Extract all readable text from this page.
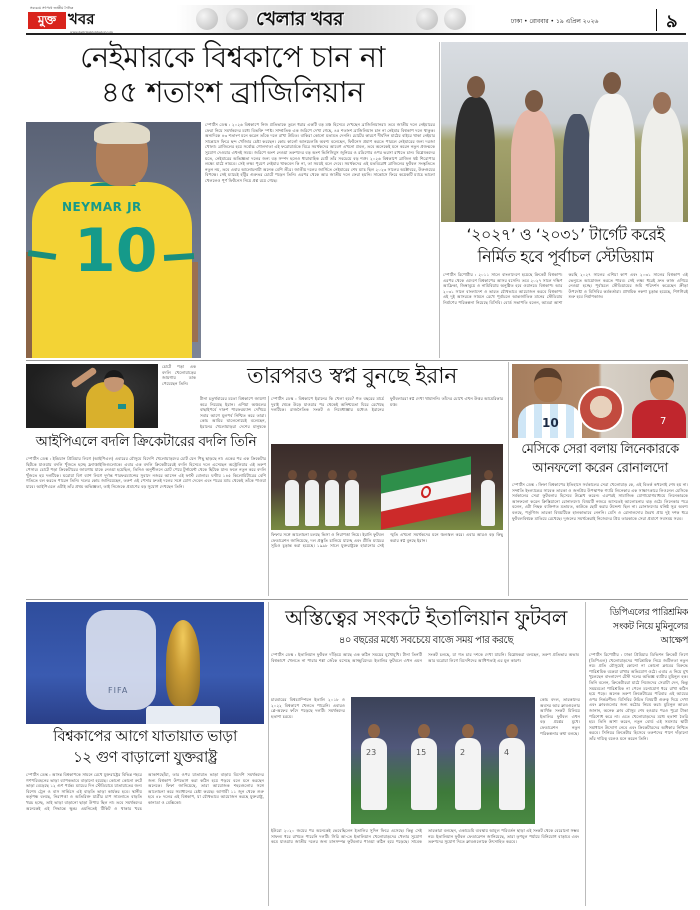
সবচেয়ে সৎপথে জাতীয় দৈনিক
মুক্ত খবর
www.dailymuktokhabor.com
খেলার খবর	ঢাকা • রোববার • ১৯ এপ্রিল ২০২৬	৯
নেইমারকে বিশ্বকাপে চান না
৪৫ শতাংশ ব্রাজিলিয়ান
NEYMAR JR
10

স্পোর্টস ডেস্ক : ২০২৬ বিশ্বকাপে নিজ প্রতিভাকে তুলে ধরার একটি বড় মঞ্চ হিসেবে দেখছেন ব্রাজিলিয়ানরা। তবে জাতীয় দলে নেইমারের ফেরা নিয়ে সমর্থকদের মধ্যে বিভক্তি স্পষ্ট। সাম্প্রতিক এক জরিপে দেখা গেছে, ৪৫ শতাংশ ব্রাজিলিয়ান চান না নেইমার বিশ্বকাপ দলে থাকুক। অন্যদিকে ৪৩ শতাংশ মনে করেন তাঁকে দলে রাখা উচিত। বাকিরা কোনো মতামত দেননি। চোটের কারণে দীর্ঘদিন মাঠের বাইরে থাকা নেইমার সান্তোসে ফিরে ছন্দ খোঁজার চেষ্টা করছেন। কোচ কার্লো আনচেলত্তি অবশ্য বলেছেন, ফিটনেস প্রমাণ করতে পারলে নেইমারের জন্য দরজা খোলা। ব্রাজিলের হয়ে সর্বোচ্চ গোলদাতা এই ফরোয়ার্ডকে ঘিরে সমর্থকদের আবেগ এখনো প্রবল, তবে অনেকেই মনে করেন নতুন প্রজন্মকে সুযোগ দেওয়ার এখনই সময়। জরিপে অংশ নেওয়া তরুণদের বড় অংশ ভিনিসিয়ুস জুনিয়র ও রদ্রিগোর ওপর ভরসা রাখতে চান। বিশ্লেষকদের মতে, নেইমারের অভিজ্ঞতা দলের জন্য বড় সম্পদ হলেও ধারাবাহিক চোট তাঁর সবচেয়ে বড় শত্রু। ২০২৬ বিশ্বকাপে ব্রাজিল ষষ্ঠ শিরোপার লক্ষ্যে মাঠে নামবে। সেই লক্ষ্য পূরণে নেইমার থাকবেন কি না, তা সময়ই বলে দেবে। সমর্থকদের এই মতবিরোধ ব্রাজিলের ফুটবল সংস্কৃতিতে নতুন নয়, তবে এবার আলোচনাটা অনেক বেশি তীব্র। জাতীয় দলের জার্সিতে নেইমারের শেষ ম্যাচ ছিল ২০২৩ সালের অক্টোবরে, উরুগুয়ের বিপক্ষে। সেই ম্যাচেই হাঁটুর গুরুতর চোটে পড়েন তিনি। এরপর থেকে আর জাতীয় দলে ফেরা হয়নি। সান্তোসে ফিরে কয়েকটি ম্যাচে ভালো খেললেও পূর্ণ ফিটনেস নিয়ে প্রশ্ন রয়ে গেছে।

‘২০২৭’ ও ‘২০৩১’ টার্গেট করেই
নির্মিত হবে পূর্বাচল স্টেডিয়াম

স্পোর্টস রিপোর্টার : ২০১১ সালে বাংলাদেশে হয়েছে ক্রিকেট বিশ্বকাপ। এরপর থেকে এদেশে বিশ্বকাপের আসর বসেনি। তবে ২০২৭ সালে দক্ষিণ আফ্রিকা, জিম্বাবুয়ে ও নামিবিয়ায় অনুষ্ঠিত হবে ওয়ানডে বিশ্বকাপ। আর ২০৩১ সালে বাংলাদেশ ও ভারত যৌথভাবে আয়োজন করবে বিশ্বকাপ। এই দুই আসরকে সামনে রেখে পূর্বাচলে আন্তর্জাতিক মানের স্টেডিয়াম নির্মাণের পরিকল্পনা নিয়েছে বিসিবি। বোর্ড সভাপতি বলেন, আমরা আশা করছি ২০২৭ সালের এশিয়া কাপ এবং ২০৩১ সালের বিশ্বকাপ এই ভেন্যুতে আয়োজন করতে পারব। সেই লক্ষ্য ধরেই দ্রুত কাজ এগিয়ে নেওয়া হচ্ছে। পূর্বাচলে স্টেডিয়ামের জমি পরিদর্শন করেছেন ক্রীড়া উপদেষ্টা ও বিসিবির কর্মকর্তারা। প্রাথমিক নকশা চূড়ান্ত হয়েছে, শিগগিরই শুরু হবে নির্মাণকাজ।

চোটে পড়া এক বদলি খেলোয়াড়ের জায়গায় ডাক পেয়েছেন তিনি।

আইপিএলে বদলি ক্রিকেটারের বদলি তিনি

স্পোর্টস ডেস্ক : ইন্ডিয়ান প্রিমিয়ার লিগে (আইপিএল) এবারের মৌসুমে বিদেশি খেলোয়াড়দের চোট যেন পিছু ছাড়ছে না। একের পর এক ক্রিকেটার ছিটকে যাওয়ায় বদলি খুঁজতে হচ্ছে ফ্র্যাঞ্চাইজিগুলোকে। এবার এক বদলি ক্রিকেটারেরই বদলি হিসেবে দলে এসেছেন অস্ট্রেলিয়ার এই তরুণ পেসার। চোটে পড়া ক্রিকেটারের জায়গায় যাকে নেওয়া হয়েছিল, তিনিও অনুশীলনে চোট পেয়ে টুর্নামেন্ট থেকে ছিটকে যান। ফলে নতুন করে বদলি খুঁজতে হয় দলটিকে। ঘরোয়া বিগ ব্যাশ লিগে দুর্দান্ত পারফরম্যান্সের সুবাদে নজরে আসেন এই ফাস্ট বোলার। ঘণ্টায় ১৪৫ কিলোমিটারের বেশি গতিতে বল করতে পারেন তিনি। দলের কোচ জানিয়েছেন, তরুণ এই পেসার দ্রুতই দলের সঙ্গে যোগ দেবেন এবং পরের ম্যাচ থেকেই তাঁকে পাওয়া যাবে। আইপিএলে এটাই তাঁর প্রথম অভিজ্ঞতা, তাই নিজেকে প্রমাণের বড় সুযোগ দেখছেন তিনি।

তারপরও স্বপ্ন বুনছে ইরান

টানা চতুর্থবারের মতো বিশ্বকাপে জায়গা করে নিয়েছে ইরান। এশিয়া অঞ্চলের বাছাইপর্বে দারুণ পারফরম্যান্স দেখিয়ে সবার আগে মূলপর্ব নিশ্চিত করে তারা। কোচ আমির ঘালেনোয়েই বলেছেন, ইরানের খেলোয়াড়রা দেশের মানুষকে

স্পোর্টস ডেস্ক : বিশ্বকাপে ইরানের কি খেলা হবে? গত বছরের মার্চে দুবাই থেকে উড়ে যাওয়ার পর থেকেই অনিশ্চয়তা ঘিরে রেখেছে দলটিকে। রাজনৈতিক সংকট ও নিষেধাজ্ঞার মধ্যেও ইরানের ফুটবলাররা স্বপ্ন দেখা থামাননি। তাঁদের চোখে এখন উত্তর আমেরিকার মঞ্চ।

ফিফার সঙ্গে আলোচনা চলছে ভিসা ও নিরাপত্তা নিয়ে। ইরানি ফুটবল ফেডারেশন জানিয়েছে, দল প্রস্তুতি চালিয়ে যাচ্ছে এবং প্রীতি ম্যাচের সূচিও চূড়ান্ত করা হয়েছে। ১৯৯৮ সালে যুক্তরাষ্ট্রকে হারানোর সেই স্মৃতি এখনো সমর্থকদের মনে জ্বলজ্বল করে। এবার আরও বড় কিছু করার স্বপ্ন বুনছে ইরান।

10	7
মেসিকে সেরা বলায় লিনেকারকে
আনফলো করেন রোনালদো

স্পোর্টস ডেস্ক : ফিফা বিশ্বকাপের ইতিহাসে সর্বকালের সেরা খেলোয়াড় কে, এই বিতর্ক কখনোই শেষ হয় না। সম্প্রতি ইংল্যান্ডের সাবেক তারকা ও জনপ্রিয় উপস্থাপক গ্যারি লিনেকার এক সাক্ষাৎকারে লিওনেল মেসিকে সর্বকালের সেরা ফুটবলার হিসেবে উল্লেখ করেন। এরপরই সামাজিক যোগাযোগমাধ্যমে লিনেকারকে আনফলো করেন ক্রিস্তিয়ানো রোনালদো। বিষয়টি নজরে আসতেই আলোচনার ঝড় ওঠে। লিনেকার পরে বলেন, এটা নিছক ব্যক্তিগত মতামত, কাউকে ছোট করার উদ্দেশ্য ছিল না। রোনালদোর ঘনিষ্ঠ সূত্র অবশ্য বলছে, পর্তুগিজ তারকা বিষয়টিকে হালকাভাবে নেননি। মেসি ও রোনালদোর দ্বৈরথ প্রায় দুই দশক ধরে ফুটবলবিশ্বকে মাতিয়ে রেখেছে। দুজনের সমর্থকেরাই নিজেদের প্রিয় তারকাকে সেরা প্রমাণে সবসময় সরব।

FIFA
বিশ্বকাপের আগে যাতায়াত ভাড়া
১২ গুণ বাড়ালো যুক্তরাষ্ট্র

স্পোর্টস ডেস্ক : আসন্ন বিশ্বকাপকে সামনে রেখে যুক্তরাষ্ট্রের বিভিন্ন শহরে গণপরিবহনের ভাড়া ব্যাপকভাবে বাড়ানো হয়েছে। কোনো কোনো রুটে ভাড়া বেড়েছে ১২ গুণ পর্যন্ত। ম্যাচের দিন স্টেডিয়ামে যাতায়াতের জন্য বিশেষ ট্রেন ও বাস সার্ভিসে এই বাড়তি ভাড়া কার্যকর হবে। স্থানীয় কর্তৃপক্ষ বলছে, নিরাপত্তা ও অতিরিক্ত যাত্রীর চাপ সামলাতে বাড়তি খরচ হচ্ছে, তাই ভাড়া বাড়ানো ছাড়া উপায় ছিল না। তবে সমর্থকদের অনেকেই এই সিদ্ধান্তে ক্ষুব্ধ। এমনিতেই টিকিট ও থাকার খরচ আকাশছোঁয়া, তার ওপর যাতায়াত ভাড়া বাড়ায় বিদেশি সমর্থকদের জন্য বিশ্বকাপ উপভোগ করা কঠিন হয়ে পড়বে বলে মনে করছেন অনেকে। ফিফা জানিয়েছে, তারা আয়োজক শহরগুলোর সঙ্গে আলোচনা করে সমাধানের চেষ্টা করছে। আগামী ১১ জুন থেকে শুরু হবে ৪৮ দলের এই বিশ্বকাপ, যা যৌথভাবে আয়োজন করছে যুক্তরাষ্ট্র, কানাডা ও মেক্সিকো।

অস্তিত্বের সংকটে ইতালিয়ান ফুটবল
৪০ বছরের মধ্যে সবচেয়ে বাজে সময় পার করছে

স্পোর্টস ডেস্ক : ইতালিয়ান ফুটবল দাঁড়িয়ে আছে এক কঠিন সময়ের মুখোমুখি। টানা তিনটি বিশ্বকাপে খেলতে না পারার শঙ্কা জেঁকে বসেছে আজ্জুরিদের। ইতালির ফুটবলে এখন এমন সংকট চলছে, যা গত চার দশকে দেখা যায়নি। বিশ্লেষকরা বলছেন, তরুণ প্রতিভার অভাব আর ঘরোয়া লিগে বিদেশিদের আধিপত্যই এর মূল কারণ।

চারবারের বিশ্বচ্যাম্পিয়ন ইতালি ২০১৮ ও ২০২২ বিশ্বকাপে খেলতে পারেনি। এবারও প্লে-অফের ফাঁদে পড়েছে দলটি। সমর্থকদের হতাশা চরমে।

23	15	2	4

কোচ বদল, তারকাদের অবসর আর ক্লাবগুলোর আর্থিক সংকট মিলিয়ে ইতালির ফুটবল এখন বড় প্রশ্নের মুখে। ফেডারেশন নতুন পরিকল্পনার কথা বলছে।

ইউরো ২০২০ জয়ের পর অনেকেই ভেবেছিলেন ইতালির সুদিন ফিরে এসেছে। কিন্তু সেই সাফল্য ধরে রাখতে পারেনি দলটি। সিরি আ-তে ইতালিয়ান খেলোয়াড়দের খেলার সুযোগ কমে যাওয়ায় জাতীয় দলের জন্য মানসম্পন্ন ফুটবলার পাওয়া কঠিন হয়ে পড়েছে। সাবেক তারকারা বলছেন, একাডেমি ব্যবস্থায় আমূল পরিবর্তন ছাড়া এই সংকট থেকে বেরোনো সম্ভব নয়। ইতালিয়ান ফুটবল ফেডারেশন জানিয়েছে, তারা তৃণমূল পর্যায়ে বিনিয়োগ বাড়াবে এবং তরুণদের সুযোগ দিতে ক্লাবগুলোকে উৎসাহিত করবে।

ডিপিএলের পারিশ্রমিক
সংকট নিয়ে মুমিনুলের
আক্ষেপ

স্পোর্টস রিপোর্টার : ঢাকা প্রিমিয়ার ডিভিশন ক্রিকেট লিগে (ডিপিএল) খেলোয়াড়দের পারিশ্রমিক নিয়ে জটিলতা নতুন নয়। প্রতি মৌসুমেই কোনো না কোনো ক্লাবের বিরুদ্ধে পারিশ্রমিক বকেয়া রাখার অভিযোগ ওঠে। এবার এ নিয়ে মুখ খুলেছেন বাংলাদেশ টেস্ট দলের অভিজ্ঞ ব্যাটার মুমিনুল হক। তিনি বলেন, ক্রিকেটাররা মাঠে নিজেদের সেরাটা দেন, কিন্তু সময়মতো পারিশ্রমিক না পেলে মনোযোগ ধরে রাখা কঠিন হয়ে পড়ে। অনেক তরুণ ক্রিকেটারের পরিবার এই আয়ের ওপর নির্ভরশীল। বিসিবির উচিত বিষয়টি গুরুত্ব দিয়ে দেখা এবং ক্লাবগুলোর জন্য কঠোর নিয়ম করা। মুমিনুল আরও জানান, অনেক ক্লাব মৌসুম শেষ হওয়ার পরও পুরো টাকা পরিশোধ করে না। এতে খেলোয়াড়দের মধ্যে হতাশা তৈরি হয়। তিনি আশা করেন, নতুন বোর্ড এই সমস্যার স্থায়ী সমাধানে উদ্যোগ নেবে এবং ক্রিকেটারদের অধিকার নিশ্চিত করবে। সিনিয়র ক্রিকেটার হিসেবে তরুণদের পাশে দাঁড়ানো তাঁর দায়িত্ব বলেও মনে করেন তিনি।
